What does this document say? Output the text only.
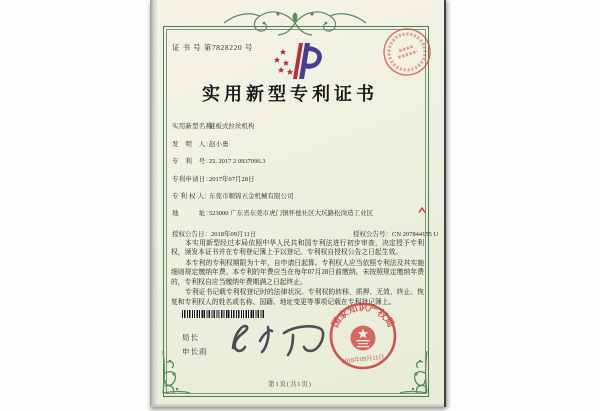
证 书 号 第7828220 号
实用新型专利证书
实用新型名称：
链板式拉丝机构
发　明　人：
赵小勇
专　利　号：
ZL 2017 2 0937096.3
专利申请日：
2017年07月28日
专 利 权 人：
东莞市顺锦五金机械有限公司
地　　　址：
523000 广东省东莞市虎门镇怀德社区大坑路松岗造工业区
授权公告日：2018年09月11日	授权公告号：CN 207844155 U

本实用新型经过本局依照中华人民共和国专利法进行初步审查，决定授予专利权，颁发本证书并在专利登记簿上予以登记。专利权自授权公告之日起生效。

本专利的专利权期限为十年，自申请日起算。专利权人应当依照专利法及其实施细则规定缴纳年费。本专利的年费应当在每年07月28日前缴纳。未按照规定缴纳年费的，专利权自应当缴纳年费期满之日起终止。

专利证书记载专利权登记时的法律状况。专利权的转移、质押、无效、终止、恢复和专利权人的姓名或名称、国籍、地址变更等事项记载在专利登记簿上。

局长
申长雨
国家知识产权局
2018年09月11日
第1页(共1页)
